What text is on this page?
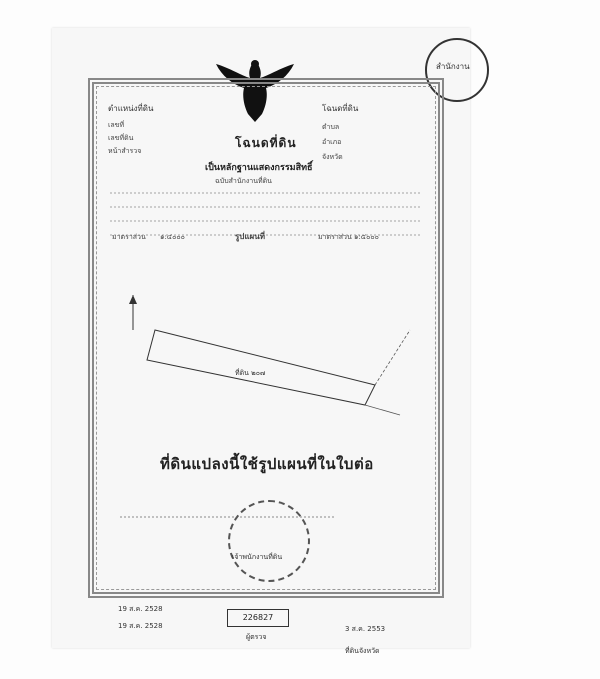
สำนักงาน
ตำแหน่งที่ดิน	โฉนดที่ดิน
เลขที่
เลขที่ดิน
หน้าสำรวจ
ตำบล
อำเภอ
จังหวัด
โฉนดที่ดิน
เป็นหลักฐานแสดงกรรมสิทธิ์
ฉบับสำนักงานที่ดิน
มาตราส่วน ๑:๔๐๐๐	รูปแผนที่	มาตราส่วน ๑:๔๐๐๐
ที่ดิน ๒๐๗
ที่ดินแปลงนี้ใช้รูปแผนที่ในใบต่อ
เจ้าพนักงานที่ดิน
19 ส.ค. 2528
19 ส.ค. 2528
226827
ผู้ตรวจ
3 ส.ค. 2553
ที่ดินจังหวัด
